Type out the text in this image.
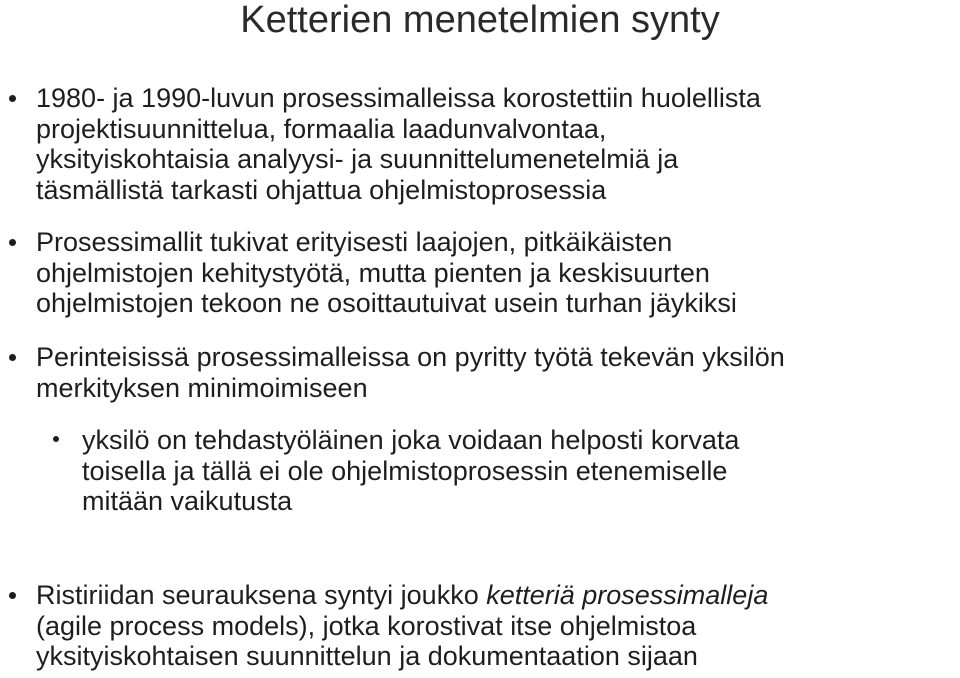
Ketterien menetelmien synty
1980- ja 1990-luvun prosessimalleissa korostettiin huolellista
projektisuunnittelua, formaalia laadunvalvontaa,
yksityiskohtaisia analyysi- ja suunnittelumenetelmiä ja
täsmällistä tarkasti ohjattua ohjelmistoprosessia
Prosessimallit tukivat erityisesti laajojen, pitkäikäisten
ohjelmistojen kehitystyötä, mutta pienten ja keskisuurten
ohjelmistojen tekoon ne osoittautuivat usein turhan jäykiksi
Perinteisissä prosessimalleissa on pyritty työtä tekevän yksilön
merkityksen minimoimiseen
yksilö on tehdastyöläinen joka voidaan helposti korvata
toisella ja tällä ei ole ohjelmistoprosessin etenemiselle
mitään vaikutusta
Ristiriidan seurauksena syntyi joukko ketteriä prosessimalleja
(agile process models), jotka korostivat itse ohjelmistoa
yksityiskohtaisen suunnittelun ja dokumentaation sijaan
